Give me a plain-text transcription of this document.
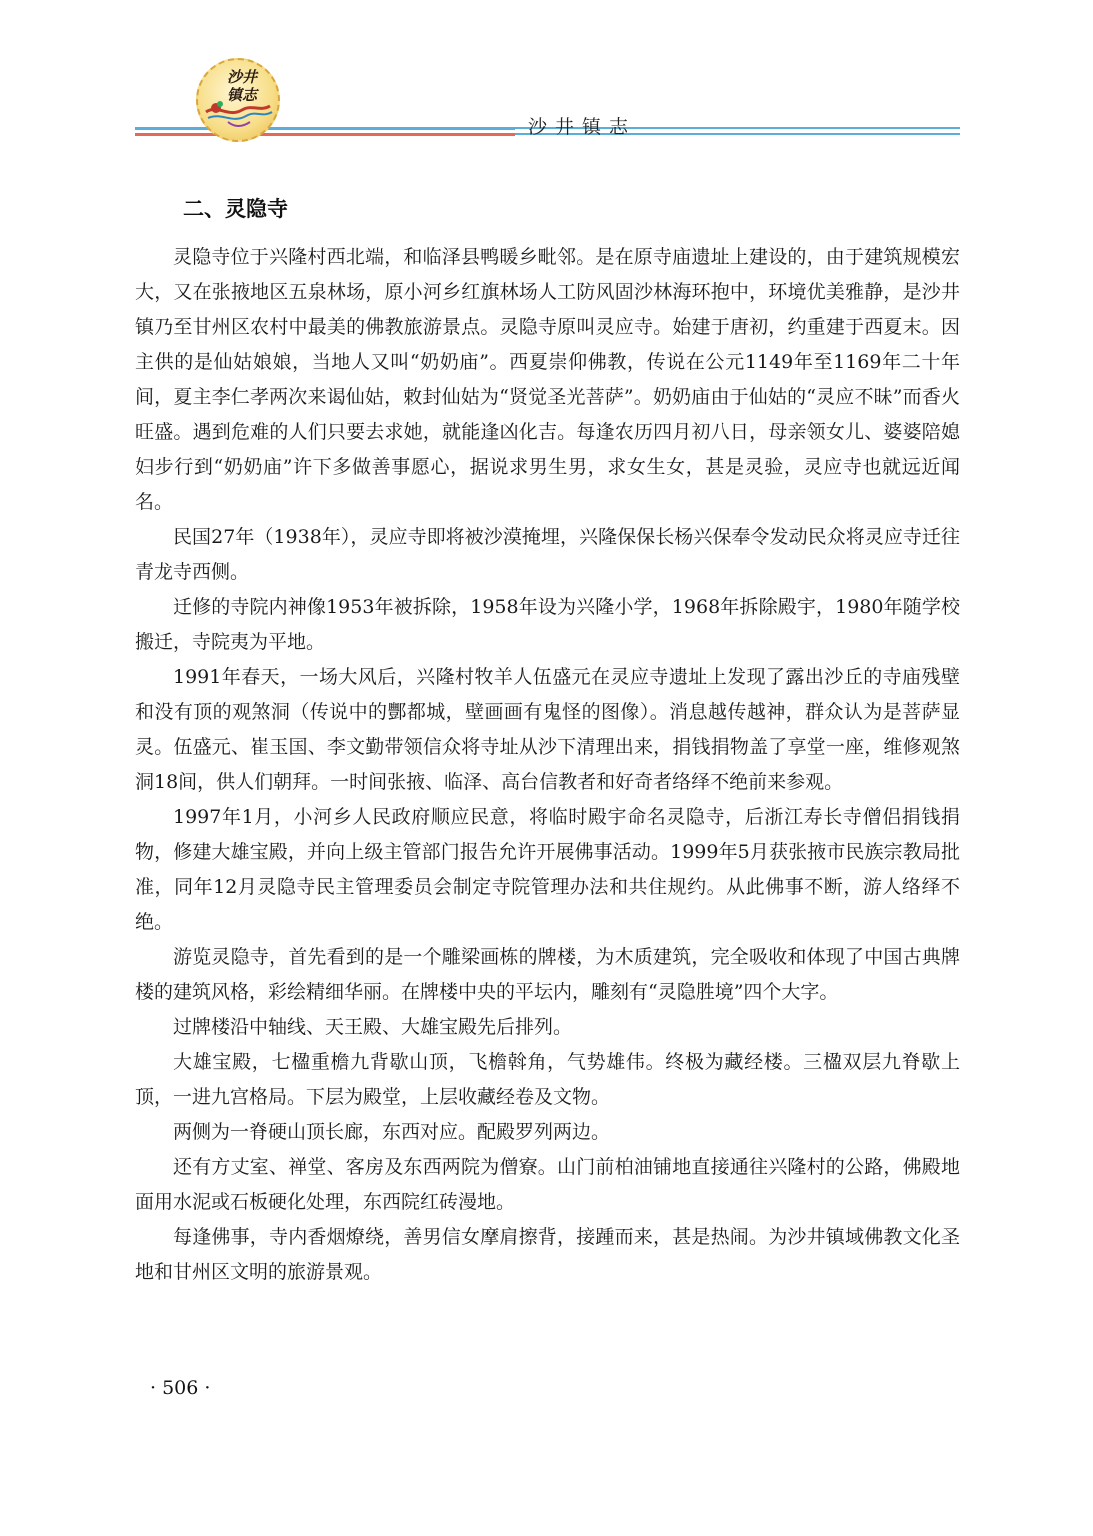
沙井
镇志
沙井镇志
二、灵隐寺

灵隐寺位于兴隆村西北端，和临泽县鸭暖乡毗邻。是在原寺庙遗址上建设的，由于建筑规模宏大，又在张掖地区五泉林场，原小河乡红旗林场人工防风固沙林海环抱中，环境优美雅静，是沙井镇乃至甘州区农村中最美的佛教旅游景点。灵隐寺原叫灵应寺。始建于唐初，约重建于西夏末。因主供的是仙姑娘娘，当地人又叫“奶奶庙”。西夏崇仰佛教，传说在公元1149年至1169年二十年间，夏主李仁孝两次来谒仙姑，敕封仙姑为“贤觉圣光菩萨”。奶奶庙由于仙姑的“灵应不昧”而香火旺盛。遇到危难的人们只要去求她，就能逢凶化吉。每逢农历四月初八日，母亲领女儿、婆婆陪媳妇步行到“奶奶庙”许下多做善事愿心，据说求男生男，求女生女，甚是灵验，灵应寺也就远近闻名。

民国27年（1938年），灵应寺即将被沙漠掩埋，兴隆保保长杨兴保奉令发动民众将灵应寺迁往青龙寺西侧。

迁修的寺院内神像1953年被拆除，1958年设为兴隆小学，1968年拆除殿宇，1980年随学校搬迁，寺院夷为平地。

1991年春天，一场大风后，兴隆村牧羊人伍盛元在灵应寺遗址上发现了露出沙丘的寺庙残壁和没有顶的观煞洞（传说中的酆都城，壁画画有鬼怪的图像）。消息越传越神，群众认为是菩萨显灵。伍盛元、崔玉国、李文勤带领信众将寺址从沙下清理出来，捐钱捐物盖了享堂一座，维修观煞洞18间，供人们朝拜。一时间张掖、临泽、高台信教者和好奇者络绎不绝前来参观。

1997年1月，小河乡人民政府顺应民意，将临时殿宇命名灵隐寺，后浙江寿长寺僧侣捐钱捐物，修建大雄宝殿，并向上级主管部门报告允许开展佛事活动。1999年5月获张掖市民族宗教局批准，同年12月灵隐寺民主管理委员会制定寺院管理办法和共住规约。从此佛事不断，游人络绎不绝。

游览灵隐寺，首先看到的是一个雕梁画栋的牌楼，为木质建筑，完全吸收和体现了中国古典牌楼的建筑风格，彩绘精细华丽。在牌楼中央的平坛内，雕刻有“灵隐胜境”四个大字。

过牌楼沿中轴线、天王殿、大雄宝殿先后排列。

大雄宝殿，七楹重檐九背歇山顶，飞檐斡角，气势雄伟。终极为藏经楼。三楹双层九脊歇上顶，一进九宫格局。下层为殿堂，上层收藏经卷及文物。

两侧为一脊硬山顶长廊，东西对应。配殿罗列两边。

还有方丈室、禅堂、客房及东西两院为僧寮。山门前柏油铺地直接通往兴隆村的公路，佛殿地面用水泥或石板硬化处理，东西院红砖漫地。

每逢佛事，寺内香烟燎绕，善男信女摩肩擦背，接踵而来，甚是热闹。为沙井镇域佛教文化圣地和甘州区文明的旅游景观。

· 506 ·
